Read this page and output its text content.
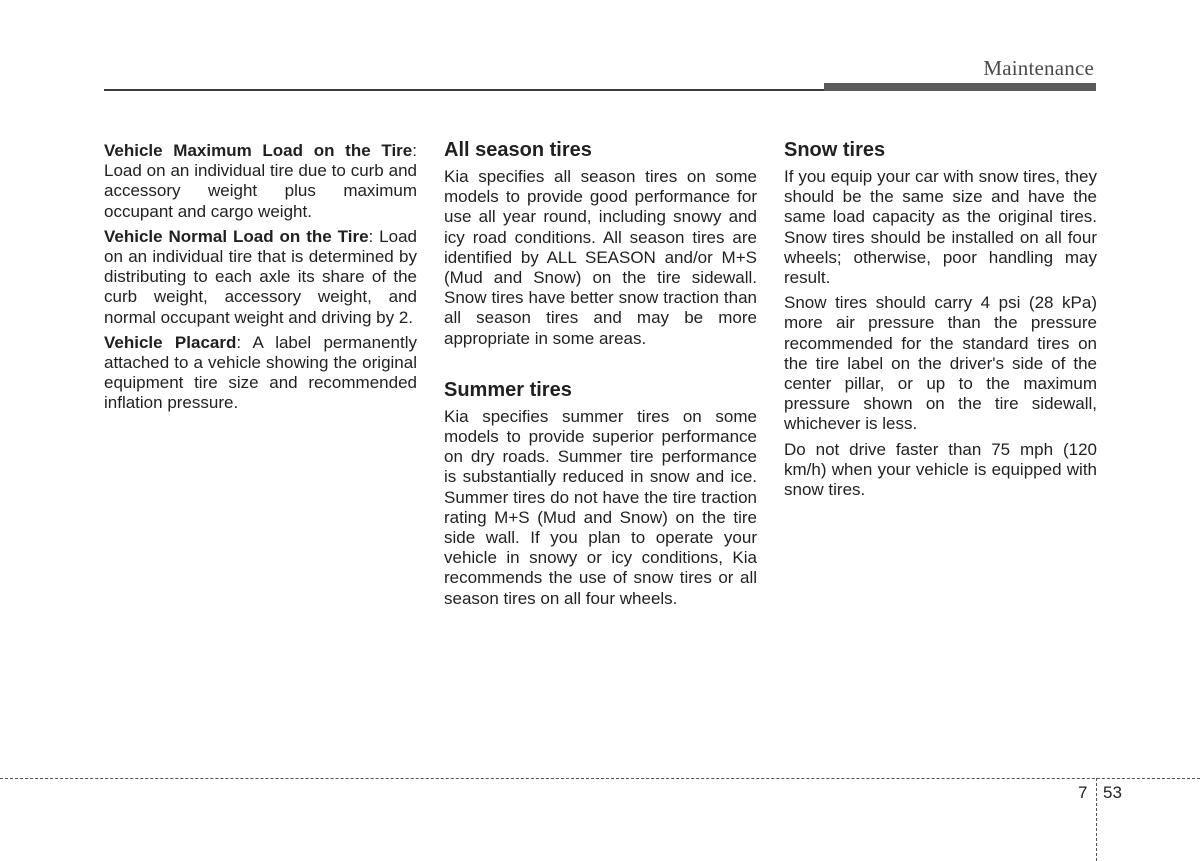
Maintenance

Vehicle Maximum Load on the Tire: Load on an individual tire due to curb and accessory weight plus maximum occupant and cargo weight.

Vehicle Normal Load on the Tire: Load on an individual tire that is determined by distributing to each axle its share of the curb weight, accessory weight, and normal occupant weight and driving by 2.

Vehicle Placard: A label permanently attached to a vehicle showing the original equipment tire size and recommended inflation pressure.

All season tires

Kia specifies all season tires on some models to provide good performance for use all year round, including snowy and icy road conditions. All season tires are identified by ALL SEASON and/or M+S (Mud and Snow) on the tire sidewall. Snow tires have better snow traction than all season tires and may be more appropriate in some areas.

Summer tires

Kia specifies summer tires on some models to provide superior performance on dry roads. Summer tire performance is substantially reduced in snow and ice. Summer tires do not have the tire traction rating M+S (Mud and Snow) on the tire side wall. If you plan to operate your vehicle in snowy or icy conditions, Kia recommends the use of snow tires or all season tires on all four wheels.

Snow tires

If you equip your car with snow tires, they should be the same size and have the same load capacity as the original tires. Snow tires should be installed on all four wheels; otherwise, poor handling may result.

Snow tires should carry 4 psi (28 kPa) more air pressure than the pressure recommended for the standard tires on the tire label on the driver's side of the center pillar, or up to the maximum pressure shown on the tire sidewall, whichever is less.

Do not drive faster than 75 mph (120 km/h) when your vehicle is equipped with snow tires.

7 53
